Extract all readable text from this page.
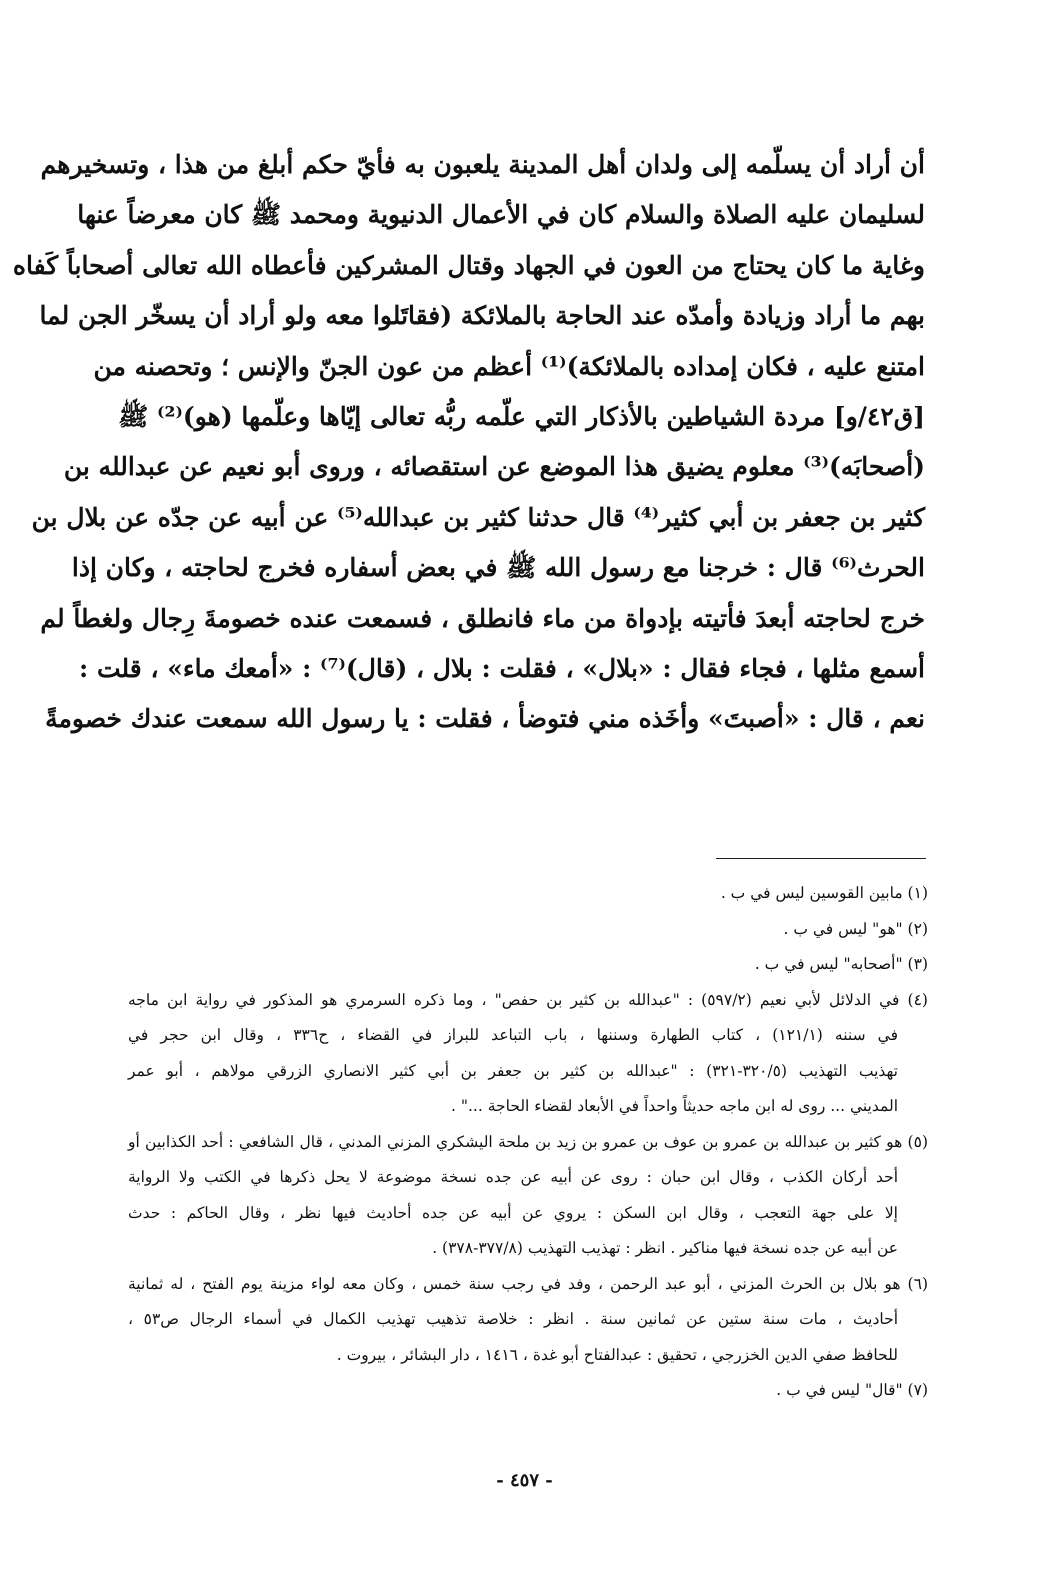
أن أراد أن يسلّمه إلى ولدان أهل المدينة يلعبون به فأيّ حكم أبلغ من هذا ، وتسخيرهم
لسليمان عليه الصلاة والسلام كان في الأعمال الدنيوية ومحمد ﷺ كان معرضاً عنها
وغاية ما كان يحتاج من العون في الجهاد وقتال المشركين فأعطاه الله تعالى أصحاباً كَفاه
بهم ما أراد وزيادة وأمدّه عند الحاجة بالملائكة (فقاتَلوا معه ولو أراد أن يسخّر الجن لما
امتنع عليه ، فكان إمداده بالملائكة)⁽¹⁾ أعظم من عون الجنّ والإنس ؛ وتحصنه من
[ق٤٢/و] مردة الشياطين بالأذكار التي علّمه ربُّه تعالى إيّاها وعلّمها (هو)⁽²⁾ ﷺ
(أصحابَه)⁽³⁾ معلوم يضيق هذا الموضع عن استقصائه ، وروى أبو نعيم عن عبدالله بن
كثير بن جعفر بن أبي كثير⁽⁴⁾ قال حدثنا كثير بن عبدالله⁽⁵⁾ عن أبيه عن جدّه عن بلال بن
الحرث⁽⁶⁾ قال : خرجنا مع رسول الله ﷺ في بعض أسفاره فخرج لحاجته ، وكان إذا
خرج لحاجته أبعدَ فأتيته بإدواة من ماء فانطلق ، فسمعت عنده خصومةَ رِجال ولغطاً لم
أسمع مثلها ، فجاء فقال : «بلال» ، فقلت : بلال ، (قال)⁽⁷⁾ : «أمعك ماء» ، قلت :
نعم ، قال : «أصبتَ» وأخَذه مني فتوضأ ، فقلت : يا رسول الله سمعت عندك خصومةً
(١) مابين القوسين ليس في ب .
(٢) "هو" ليس في ب .
(٣) "أصحابه" ليس في ب .
(٤) في الدلائل لأبي نعيم (٥٩٧/٢) : "عبدالله بن كثير بن حفص" ، وما ذكره السرمري هو المذكور في رواية ابن ماجه
في سننه (١٢١/١) ، كتاب الطهارة وسننها ، باب التباعد للبراز في القضاء ، ح٣٣٦ ، وقال ابن حجر في
تهذيب التهذيب (٣٢٠/٥-٣٢١) : "عبدالله بن كثير بن جعفر بن أبي كثير الانصاري الزرقي مولاهم ، أبو عمر
المديني ... روى له ابن ماجه حديثاً واحداً في الأبعاد لقضاء الحاجة ..." .
(٥) هو كثير بن عبدالله بن عمرو بن عوف بن عمرو بن زيد بن ملحة اليشكري المزني المدني ، قال الشافعي : أحد الكذابين أو
أحد أركان الكذب ، وقال ابن حبان : روى عن أبيه عن جده نسخة موضوعة لا يحل ذكرها في الكتب ولا الرواية
إلا على جهة التعجب ، وقال ابن السكن : يروي عن أبيه عن جده أحاديث فيها نظر ، وقال الحاكم : حدث
عن أبيه عن جده نسخة فيها مناكير . انظر : تهذيب التهذيب (٣٧٧/٨-٣٧٨) .
(٦) هو بلال بن الحرث المزني ، أبو عبد الرحمن ، وفد في رجب سنة خمس ، وكان معه لواء مزينة يوم الفتح ، له ثمانية
أحاديث ، مات سنة ستين عن ثمانين سنة . انظر : خلاصة تذهيب تهذيب الكمال في أسماء الرجال ص٥٣ ،
للحافظ صفي الدين الخزرجي ، تحقيق : عبدالفتاح أبو غدة ، ١٤١٦ ، دار البشائر ، بيروت .
(٧) "قال" ليس في ب .
- ٤٥٧ -
